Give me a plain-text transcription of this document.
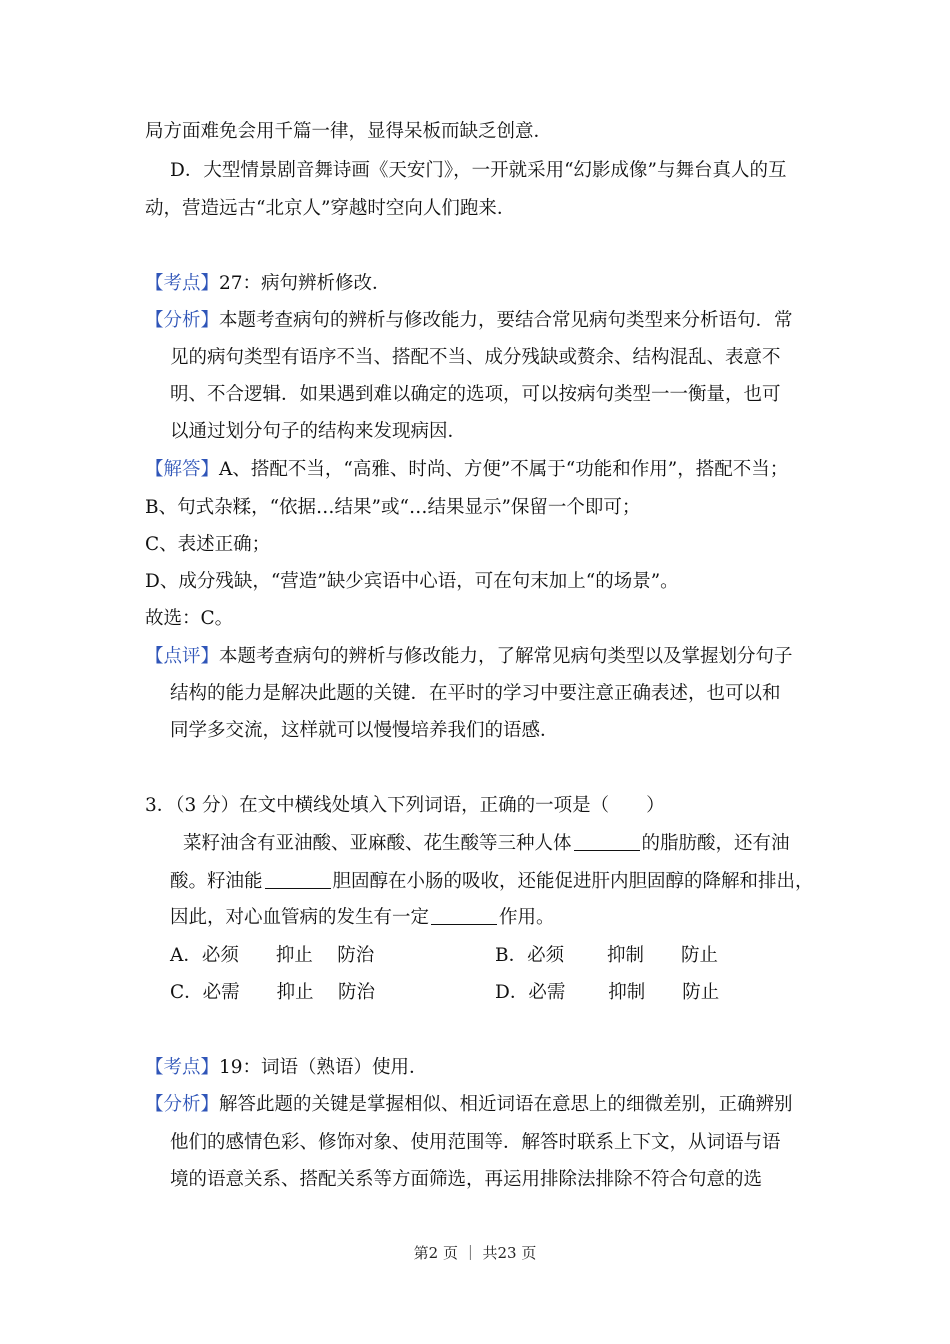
局方面难免会用千篇一律，显得呆板而缺乏创意．
D．大型情景剧音舞诗画《天安门》，一开就采用“幻影成像”与舞台真人的互
动，营造远古“北京人”穿越时空向人们跑来．
【考点】27：病句辨析修改．
【分析】本题考查病句的辨析与修改能力，要结合常见病句类型来分析语句．常
见的病句类型有语序不当、搭配不当、成分残缺或赘余、结构混乱、表意不
明、不合逻辑．如果遇到难以确定的选项，可以按病句类型一一衡量，也可
以通过划分句子的结构来发现病因．
【解答】A、搭配不当，“高雅、时尚、方便”不属于“功能和作用”，搭配不当；
B、句式杂糅，“依据…结果”或“…结果显示”保留一个即可；
C、表述正确；
D、成分残缺，“营造”缺少宾语中心语，可在句末加上“的场景”。
故选：C。
【点评】本题考查病句的辨析与修改能力，了解常见病句类型以及掌握划分句子
结构的能力是解决此题的关键．在平时的学习中要注意正确表述，也可以和
同学多交流，这样就可以慢慢培养我们的语感．
3．（3 分）在文中横线处填入下列词语，正确的一项是（　　）
菜籽油含有亚油酸、亚麻酸、花生酸等三种人体	的脂肪酸，还有油
酸。籽油能	胆固醇在小肠的吸收，还能促进肝内胆固醇的降解和排出，
因此，对心血管病的发生有一定	作用。
A．必须　　抑止　 防治	B．必须　　 抑制　　防止
C．必需　　抑止　 防治	D．必需　　 抑制　　防止
【考点】19：词语（熟语）使用．
【分析】解答此题的关键是掌握相似、相近词语在意思上的细微差别，正确辨别
他们的感情色彩、修饰对象、使用范围等．解答时联系上下文，从词语与语
境的语意关系、搭配关系等方面筛选，再运用排除法排除不符合句意的选
第2 页 ｜ 共23 页
